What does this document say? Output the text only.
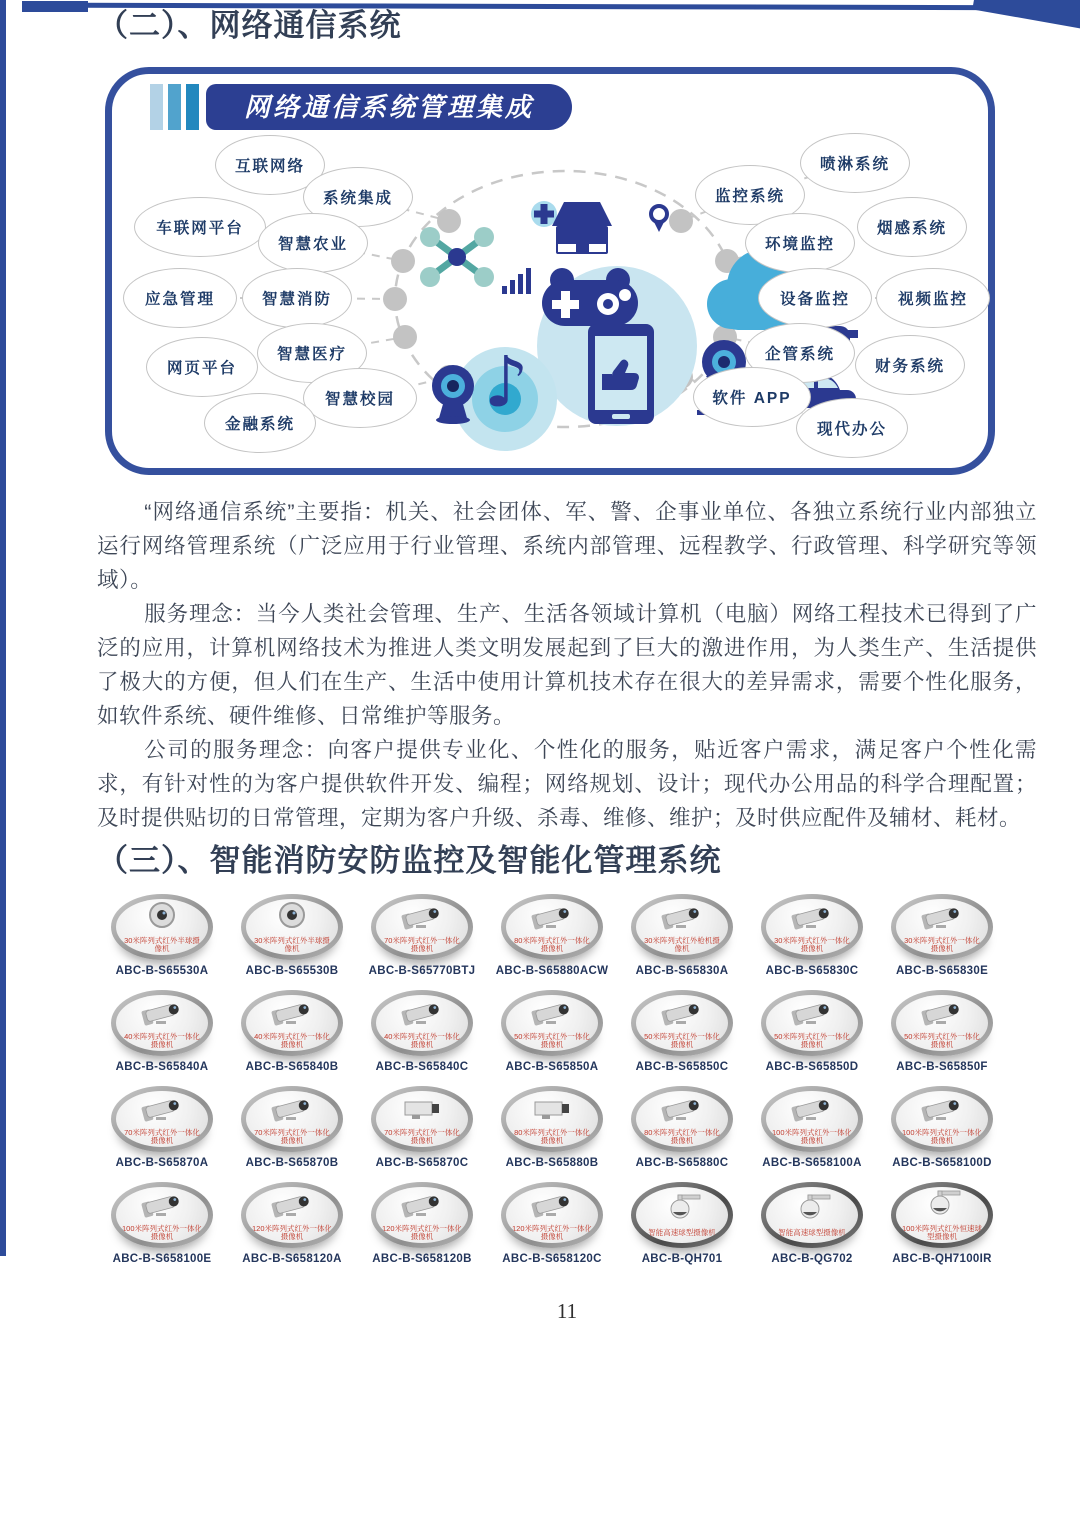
（二）、网络通信系统
♪
网络通信系统管理集成
互联网络
系统集成
车联网平台
智慧农业
应急管理	智慧消防
网页平台
智慧医疗
智慧校园
金融系统
喷淋系统
监控系统
烟感系统
环境监控
设备监控	视频监控
企管系统
财务系统
软件 APP
现代办公

“网络通信系统”主要指：机关、社会团体、军、警、企事业单位、各独立系统行业内部独立运行网络管理系统（广泛应用于行业管理、系统内部管理、远程教学、行政管理、科学研究等领域）。

服务理念：当今人类社会管理、生产、生活各领域计算机（电脑）网络工程技术已得到了广泛的应用，计算机网络技术为推进人类文明发展起到了巨大的激进作用，为人类生产、生活提供了极大的方便，但人们在生产、生活中使用计算机技术存在很大的差异需求，需要个性化服务，如软件系统、硬件维修、日常维护等服务。

公司的服务理念：向客户提供专业化、个性化的服务，贴近客户需求，满足客户个性化需求，有针对性的为客户提供软件开发、编程；网络规划、设计；现代办公用品的科学合理配置；及时提供贴切的日常管理，定期为客户升级、杀毒、维修、维护；及时供应配件及辅材、耗材。

（三）、智能消防安防监控及智能化管理系统
30米阵列式红外半球摄像机
ABC-B-S65530A
30米阵列式红外半球摄像机
ABC-B-S65530B
70米阵列式红外一体化摄像机
ABC-B-S65770BTJ
80米阵列式红外一体化摄像机
ABC-B-S65880ACW
30米阵列式红外枪机摄像机
ABC-B-S65830A
30米阵列式红外一体化摄像机
ABC-B-S65830C
30米阵列式红外一体化摄像机
ABC-B-S65830E
40米阵列式红外一体化摄像机
ABC-B-S65840A
40米阵列式红外一体化摄像机
ABC-B-S65840B
40米阵列式红外一体化摄像机
ABC-B-S65840C
50米阵列式红外一体化摄像机
ABC-B-S65850A
50米阵列式红外一体化摄像机
ABC-B-S65850C
50米阵列式红外一体化摄像机
ABC-B-S65850D
50米阵列式红外一体化摄像机
ABC-B-S65850F
70米阵列式红外一体化摄像机
ABC-B-S65870A
70米阵列式红外一体化摄像机
ABC-B-S65870B
70米阵列式红外一体化摄像机
ABC-B-S65870C
80米阵列式红外一体化摄像机
ABC-B-S65880B
80米阵列式红外一体化摄像机
ABC-B-S65880C
100米阵列式红外一体化摄像机
ABC-B-S658100A
100米阵列式红外一体化摄像机
ABC-B-S658100D
100米阵列式红外一体化摄像机
ABC-B-S658100E
120米阵列式红外一体化摄像机
ABC-B-S658120A
120米阵列式红外一体化摄像机
ABC-B-S658120B
120米阵列式红外一体化摄像机
ABC-B-S658120C
智能高速球型摄像机
ABC-B-QH701
智能高速球型摄像机
ABC-B-QG702
100米阵列式红外恒速球型摄像机
ABC-B-QH7100IR
11
